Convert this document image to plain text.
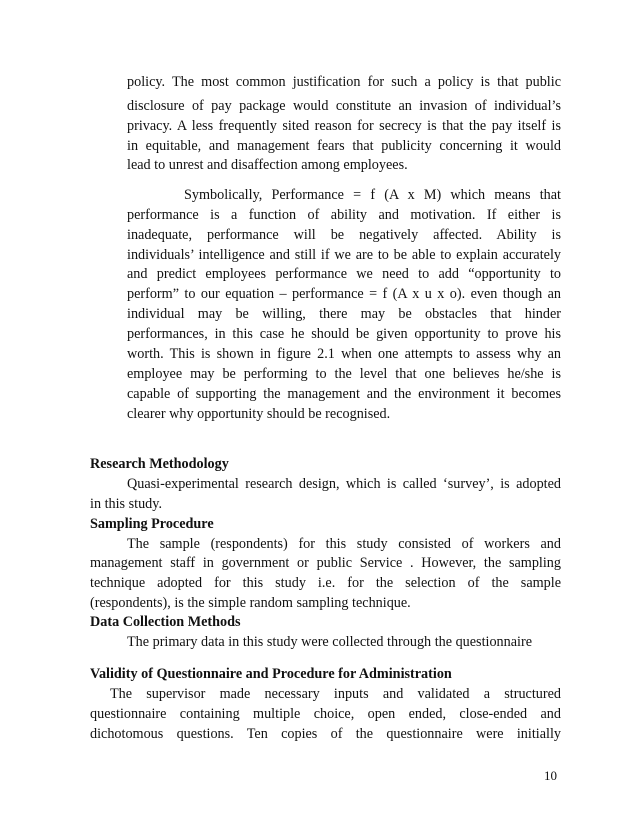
policy. The most common justification for such a policy is that public
disclosure of pay package would constitute an invasion of individual’s
privacy. A less frequently sited reason for secrecy is that the pay itself is
in equitable, and management fears that publicity concerning it would
lead to unrest and disaffection among employees.
Symbolically, Performance = f (A x M) which means that
performance is a function of ability and motivation. If either is
inadequate, performance will be negatively affected. Ability is
individuals’ intelligence and still if we are to be able to explain accurately
and predict employees performance we need to add “opportunity to
perform” to our equation – performance = f (A x u x o). even though an
individual may be willing, there may be obstacles that hinder
performances, in this case he should be given opportunity to prove his
worth. This is shown in figure 2.1 when one attempts to assess why an
employee may be performing to the level that one believes he/she is
capable of supporting the management and the environment it becomes
clearer why opportunity should be recognised.
Research Methodology
Quasi-experimental research design, which is called ‘survey’, is adopted
in this study.
Sampling Procedure
The sample (respondents) for this study consisted of workers and
management staff in government or public Service . However, the sampling
technique adopted for this study i.e. for the selection of the sample
(respondents), is the simple random sampling technique.
Data Collection Methods
The primary data in this study were collected through the questionnaire
Validity of Questionnaire and Procedure for Administration
The supervisor made necessary inputs and validated a structured
questionnaire containing multiple choice, open ended, close-ended and
dichotomous questions. Ten copies of the questionnaire were initially
10
